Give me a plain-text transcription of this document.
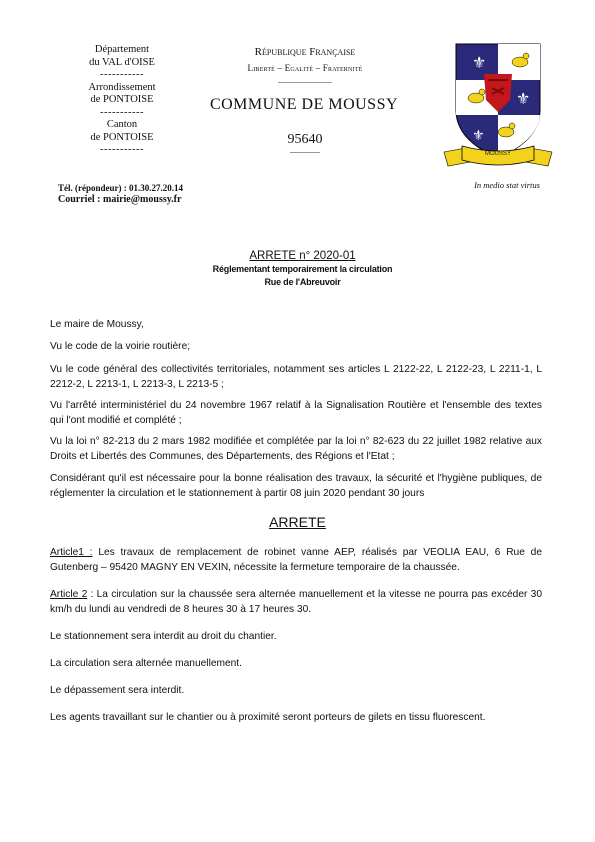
Département
du VAL d'OISE
-----------
Arrondissement
de PONTOISE
-----------
Canton
de PONTOISE
-----------
Tél. (répondeur) : 01.30.27.20.14
Courriel : mairie@moussy.fr
République Française
Liberté – Egalité – Fraternité
COMMUNE DE MOUSSY
95640
⚜
⚜
⚜
MOUSSY
In medio stat virtus
ARRETE n° 2020-01
Réglementant temporairement la circulation
Rue de l'Abreuvoir
Le maire de Moussy,
Vu le code de la voirie routière;
Vu le code général des collectivités territoriales, notamment ses articles L 2122-22, L 2122-23, L 2211-1, L 2212-2, L 2213-1, L 2213-3, L 2213-5 ;
Vu l'arrêté interministériel du 24 novembre 1967 relatif à la Signalisation Routière et l'ensemble des textes qui l'ont modifié et complété ;
Vu la loi n° 82-213 du 2 mars 1982 modifiée et complétée par la loi n° 82-623 du 22 juillet 1982 relative aux Droits et Libertés des Communes, des Départements, des Régions et l'Etat ;
Considérant qu'il est nécessaire pour la bonne réalisation des travaux, la sécurité et l'hygiène publiques, de réglementer la circulation et le stationnement à partir 08 juin 2020 pendant 30 jours
ARRETE
Article1 : Les travaux de remplacement de robinet vanne AEP, réalisés par VEOLIA EAU, 6 Rue de Gutenberg – 95420 MAGNY EN VEXIN, nécessite la fermeture temporaire de la chaussée.
Article 2 : La circulation sur la chaussée sera alternée manuellement et la vitesse ne pourra pas excéder 30 km/h du lundi au vendredi de 8 heures 30 à 17 heures 30.
Le stationnement sera interdit au droit du chantier.
La circulation sera alternée manuellement.
Le dépassement sera interdit.
Les agents travaillant sur le chantier ou à proximité seront porteurs de gilets en tissu fluorescent.
